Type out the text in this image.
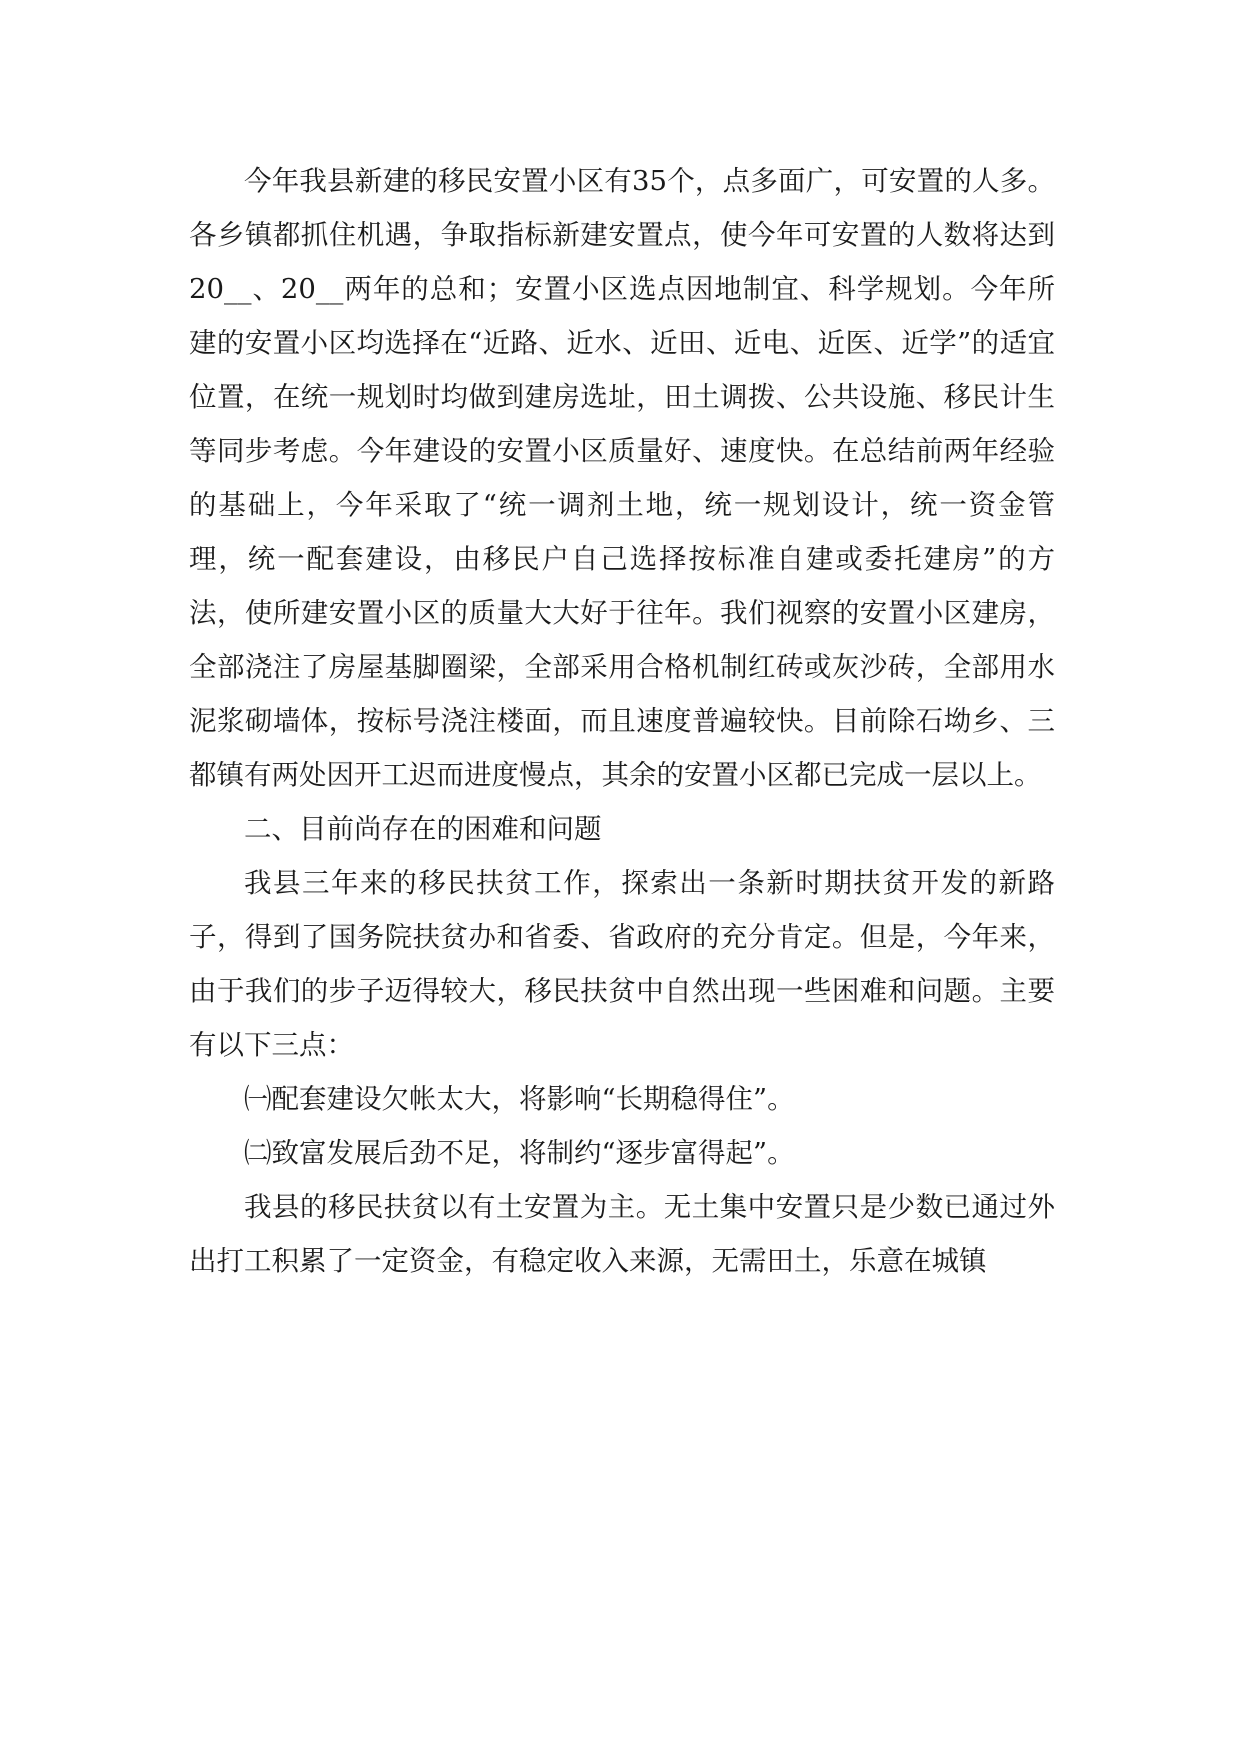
今年我县新建的移民安置小区有35个，点多面广，可安置的人多。各乡镇都抓住机遇，争取指标新建安置点，使今年可安置的人数将达到20__、20__两年的总和；安置小区选点因地制宜、科学规划。今年所建的安置小区均选择在“近路、近水、近田、近电、近医、近学”的适宜位置，在统一规划时均做到建房选址，田土调拨、公共设施、移民计生等同步考虑。今年建设的安置小区质量好、速度快。在总结前两年经验的基础上，今年采取了“统一调剂土地，统一规划设计，统一资金管理，统一配套建设，由移民户自己选择按标准自建或委托建房”的方法，使所建安置小区的质量大大好于往年。我们视察的安置小区建房，全部浇注了房屋基脚圈梁，全部采用合格机制红砖或灰沙砖，全部用水泥浆砌墙体，按标号浇注楼面，而且速度普遍较快。目前除石坳乡、三都镇有两处因开工迟而进度慢点，其余的安置小区都已完成一层以上。

二、目前尚存在的困难和问题

我县三年来的移民扶贫工作，探索出一条新时期扶贫开发的新路子，得到了国务院扶贫办和省委、省政府的充分肯定。但是，今年来，由于我们的步子迈得较大，移民扶贫中自然出现一些困难和问题。主要有以下三点：

㈠配套建设欠帐太大，将影响“长期稳得住”。

㈡致富发展后劲不足，将制约“逐步富得起”。

我县的移民扶贫以有土安置为主。无土集中安置只是少数已通过外出打工积累了一定资金，有稳定收入来源，无需田土，乐意在城镇
